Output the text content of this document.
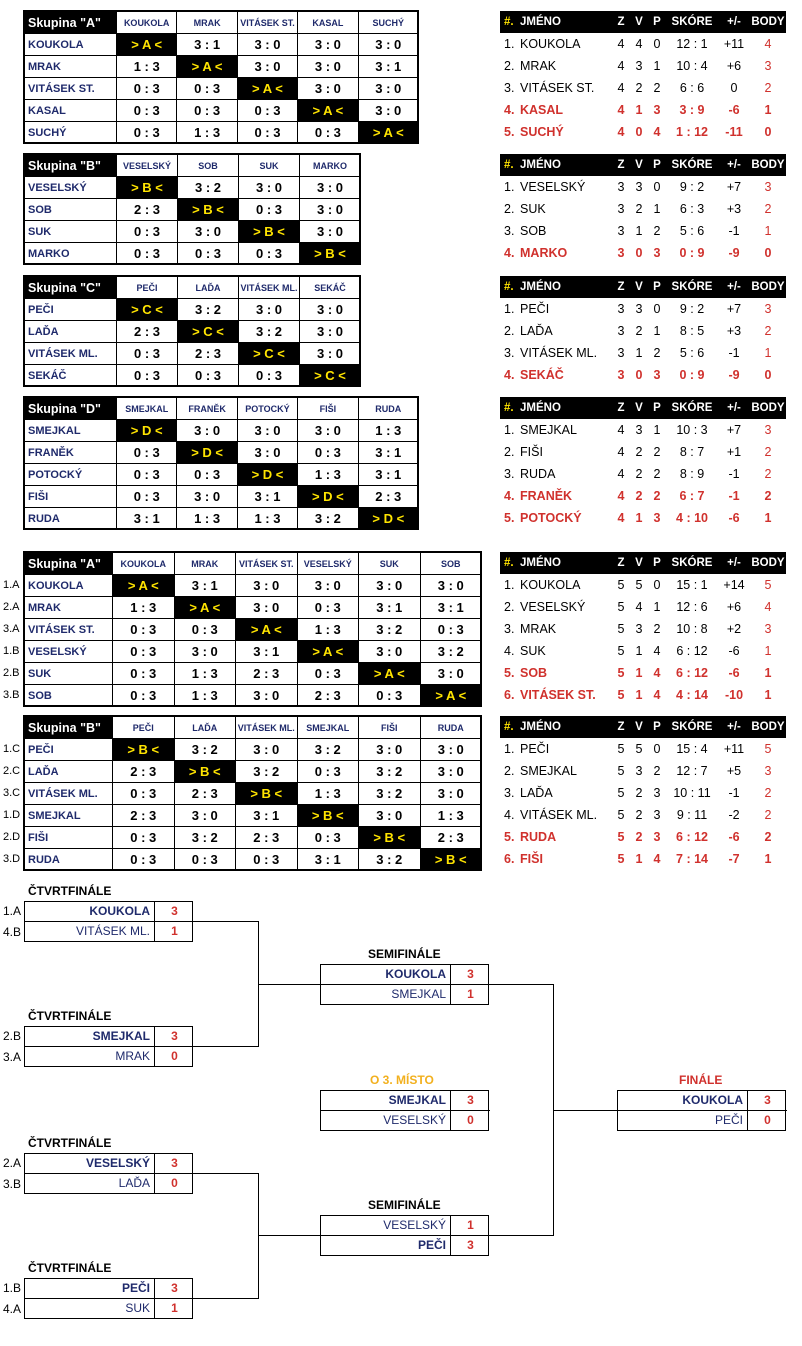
Skupina "A"	KOUKOLA	MRAK	VITÁSEK ST.	KASAL	SUCHÝ
KOUKOLA	> A <	3 : 1	3 : 0	3 : 0	3 : 0
MRAK	1 : 3	> A <	3 : 0	3 : 0	3 : 1
VITÁSEK ST.	0 : 3	0 : 3	> A <	3 : 0	3 : 0
KASAL	0 : 3	0 : 3	0 : 3	> A <	3 : 0
SUCHÝ	0 : 3	1 : 3	0 : 3	0 : 3	> A <
#.	JMÉNO	Z	V	P	SKÓRE	+/-	BODY
1.	KOUKOLA	4	4	0	12 : 1	+11	4
2.	MRAK	4	3	1	10 : 4	+6	3
3.	VITÁSEK ST.	4	2	2	6 : 6	0	2
4.	KASAL	4	1	3	3 : 9	-6	1
5.	SUCHÝ	4	0	4	1 : 12	-11	0
Skupina "B"	VESELSKÝ	SOB	SUK	MARKO
VESELSKÝ	> B <	3 : 2	3 : 0	3 : 0
SOB	2 : 3	> B <	0 : 3	3 : 0
SUK	0 : 3	3 : 0	> B <	3 : 0
MARKO	0 : 3	0 : 3	0 : 3	> B <
#.	JMÉNO	Z	V	P	SKÓRE	+/-	BODY
1.	VESELSKÝ	3	3	0	9 : 2	+7	3
2.	SUK	3	2	1	6 : 3	+3	2
3.	SOB	3	1	2	5 : 6	-1	1
4.	MARKO	3	0	3	0 : 9	-9	0
Skupina "C"	PEČI	LAĎA	VITÁSEK ML.	SEKÁČ
PEČI	> C <	3 : 2	3 : 0	3 : 0
LAĎA	2 : 3	> C <	3 : 2	3 : 0
VITÁSEK ML.	0 : 3	2 : 3	> C <	3 : 0
SEKÁČ	0 : 3	0 : 3	0 : 3	> C <
#.	JMÉNO	Z	V	P	SKÓRE	+/-	BODY
1.	PEČI	3	3	0	9 : 2	+7	3
2.	LAĎA	3	2	1	8 : 5	+3	2
3.	VITÁSEK ML.	3	1	2	5 : 6	-1	1
4.	SEKÁČ	3	0	3	0 : 9	-9	0
Skupina "D"	SMEJKAL	FRANĚK	POTOCKÝ	FIŠI	RUDA
SMEJKAL	> D <	3 : 0	3 : 0	3 : 0	1 : 3
FRANĚK	0 : 3	> D <	3 : 0	0 : 3	3 : 1
POTOCKÝ	0 : 3	0 : 3	> D <	1 : 3	3 : 1
FIŠI	0 : 3	3 : 0	3 : 1	> D <	2 : 3
RUDA	3 : 1	1 : 3	1 : 3	3 : 2	> D <
#.	JMÉNO	Z	V	P	SKÓRE	+/-	BODY
1.	SMEJKAL	4	3	1	10 : 3	+7	3
2.	FIŠI	4	2	2	8 : 7	+1	2
3.	RUDA	4	2	2	8 : 9	-1	2
4.	FRANĚK	4	2	2	6 : 7	-1	2
5.	POTOCKÝ	4	1	3	4 : 10	-6	1
Skupina "A"	KOUKOLA	MRAK	VITÁSEK ST.	VESELSKÝ	SUK	SOB
KOUKOLA	> A <	3 : 1	3 : 0	3 : 0	3 : 0	3 : 0
MRAK	1 : 3	> A <	3 : 0	0 : 3	3 : 1	3 : 1
VITÁSEK ST.	0 : 3	0 : 3	> A <	1 : 3	3 : 2	0 : 3
VESELSKÝ	0 : 3	3 : 0	3 : 1	> A <	3 : 0	3 : 2
SUK	0 : 3	1 : 3	2 : 3	0 : 3	> A <	3 : 0
SOB	0 : 3	1 : 3	3 : 0	2 : 3	0 : 3	> A <
1.A
2.A
3.A
1.B
2.B
3.B
#.	JMÉNO	Z	V	P	SKÓRE	+/-	BODY
1.	KOUKOLA	5	5	0	15 : 1	+14	5
2.	VESELSKÝ	5	4	1	12 : 6	+6	4
3.	MRAK	5	3	2	10 : 8	+2	3
4.	SUK	5	1	4	6 : 12	-6	1
5.	SOB	5	1	4	6 : 12	-6	1
6.	VITÁSEK ST.	5	1	4	4 : 14	-10	1
Skupina "B"	PEČI	LAĎA	VITÁSEK ML.	SMEJKAL	FIŠI	RUDA
PEČI	> B <	3 : 2	3 : 0	3 : 2	3 : 0	3 : 0
LAĎA	2 : 3	> B <	3 : 2	0 : 3	3 : 2	3 : 0
VITÁSEK ML.	0 : 3	2 : 3	> B <	1 : 3	3 : 2	3 : 0
SMEJKAL	2 : 3	3 : 0	3 : 1	> B <	3 : 0	1 : 3
FIŠI	0 : 3	3 : 2	2 : 3	0 : 3	> B <	2 : 3
RUDA	0 : 3	0 : 3	0 : 3	3 : 1	3 : 2	> B <
1.C
2.C
3.C
1.D
2.D
3.D
#.	JMÉNO	Z	V	P	SKÓRE	+/-	BODY
1.	PEČI	5	5	0	15 : 4	+11	5
2.	SMEJKAL	5	3	2	12 : 7	+5	3
3.	LAĎA	5	2	3	10 : 11	-1	2
4.	VITÁSEK ML.	5	2	3	9 : 11	-2	2
5.	RUDA	5	2	3	6 : 12	-6	2
6.	FIŠI	5	1	4	7 : 14	-7	1
ČTVRTFINÁLE
KOUKOLA	3
VITÁSEK ML.	1
1.A
4.B
ČTVRTFINÁLE
SMEJKAL	3
MRAK	0
2.B
3.A
ČTVRTFINÁLE
VESELSKÝ	3
LAĎA	0
2.A
3.B
ČTVRTFINÁLE
PEČI	3
SUK	1
1.B
4.A
SEMIFINÁLE
KOUKOLA	3
SMEJKAL	1
SEMIFINÁLE
VESELSKÝ	1
PEČI	3
O 3. MÍSTO
SMEJKAL	3
VESELSKÝ	0
FINÁLE
KOUKOLA	3
PEČI	0
